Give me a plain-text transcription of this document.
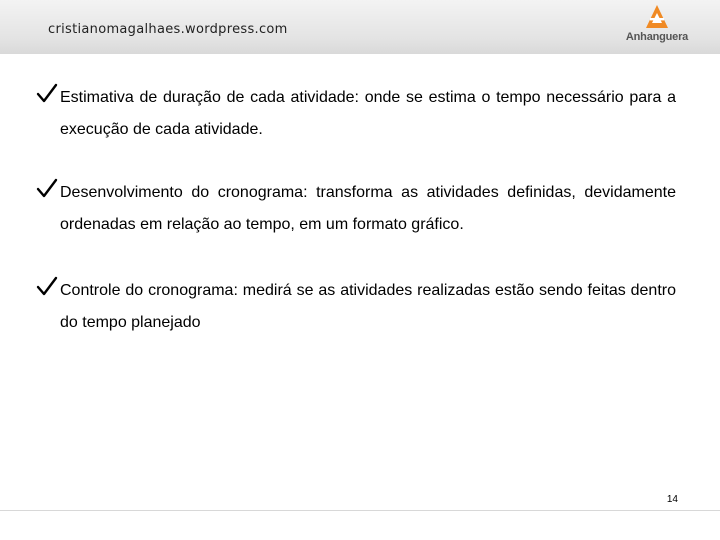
cristianomagalhaes.wordpress.com	Anhanguera

Estimativa de duração de cada atividade: onde se estima o tempo necessário para a execução de cada atividade.

Desenvolvimento do cronograma: transforma as atividades definidas, devidamente ordenadas em relação ao tempo, em um formato gráfico.

Controle do cronograma: medirá se as atividades realizadas estão sendo feitas dentro do tempo planejado

14
